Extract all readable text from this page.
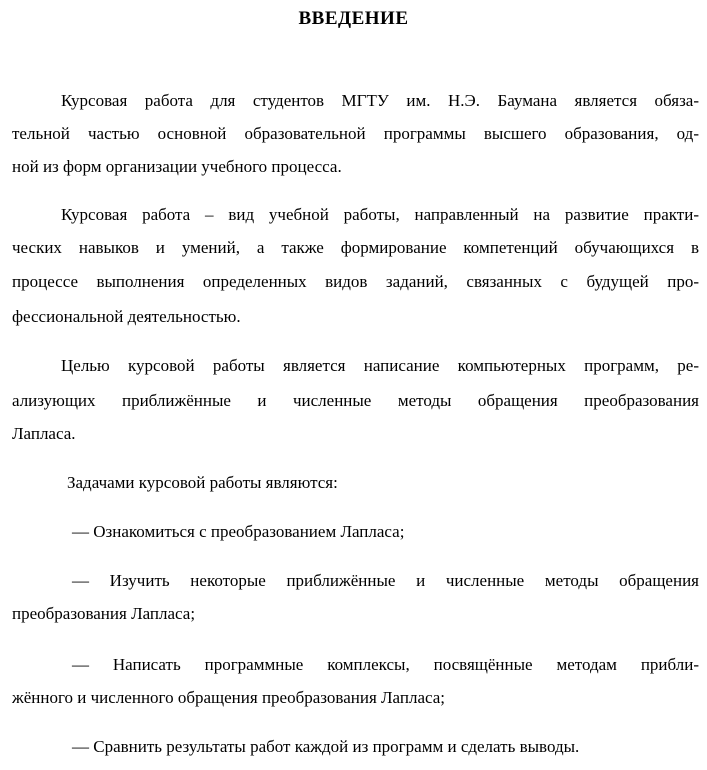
ВВЕДЕНИЕ
Курсовая работа для студентов МГТУ им. Н.Э. Баумана является обяза-
тельной частью основной образовательной программы высшего образования, од-
ной из форм организации учебного процесса.
Курсовая работа – вид учебной работы, направленный на развитие практи-
ческих навыков и умений, а также формирование компетенций обучающихся в
процессе выполнения определенных видов заданий, связанных с будущей про-
фессиональной деятельностью.
Целью курсовой работы является написание компьютерных программ, ре-
ализующих приближённые и численные методы обращения преобразования
Лапласа.
Задачами курсовой работы являются:
— Ознакомиться с преобразованием Лапласа;
— Изучить некоторые приближённые и численные методы обращения
преобразования Лапласа;
— Написать программные комплексы, посвящённые методам прибли-
жённого и численного обращения преобразования Лапласа;
— Сравнить результаты работ каждой из программ и сделать выводы.
